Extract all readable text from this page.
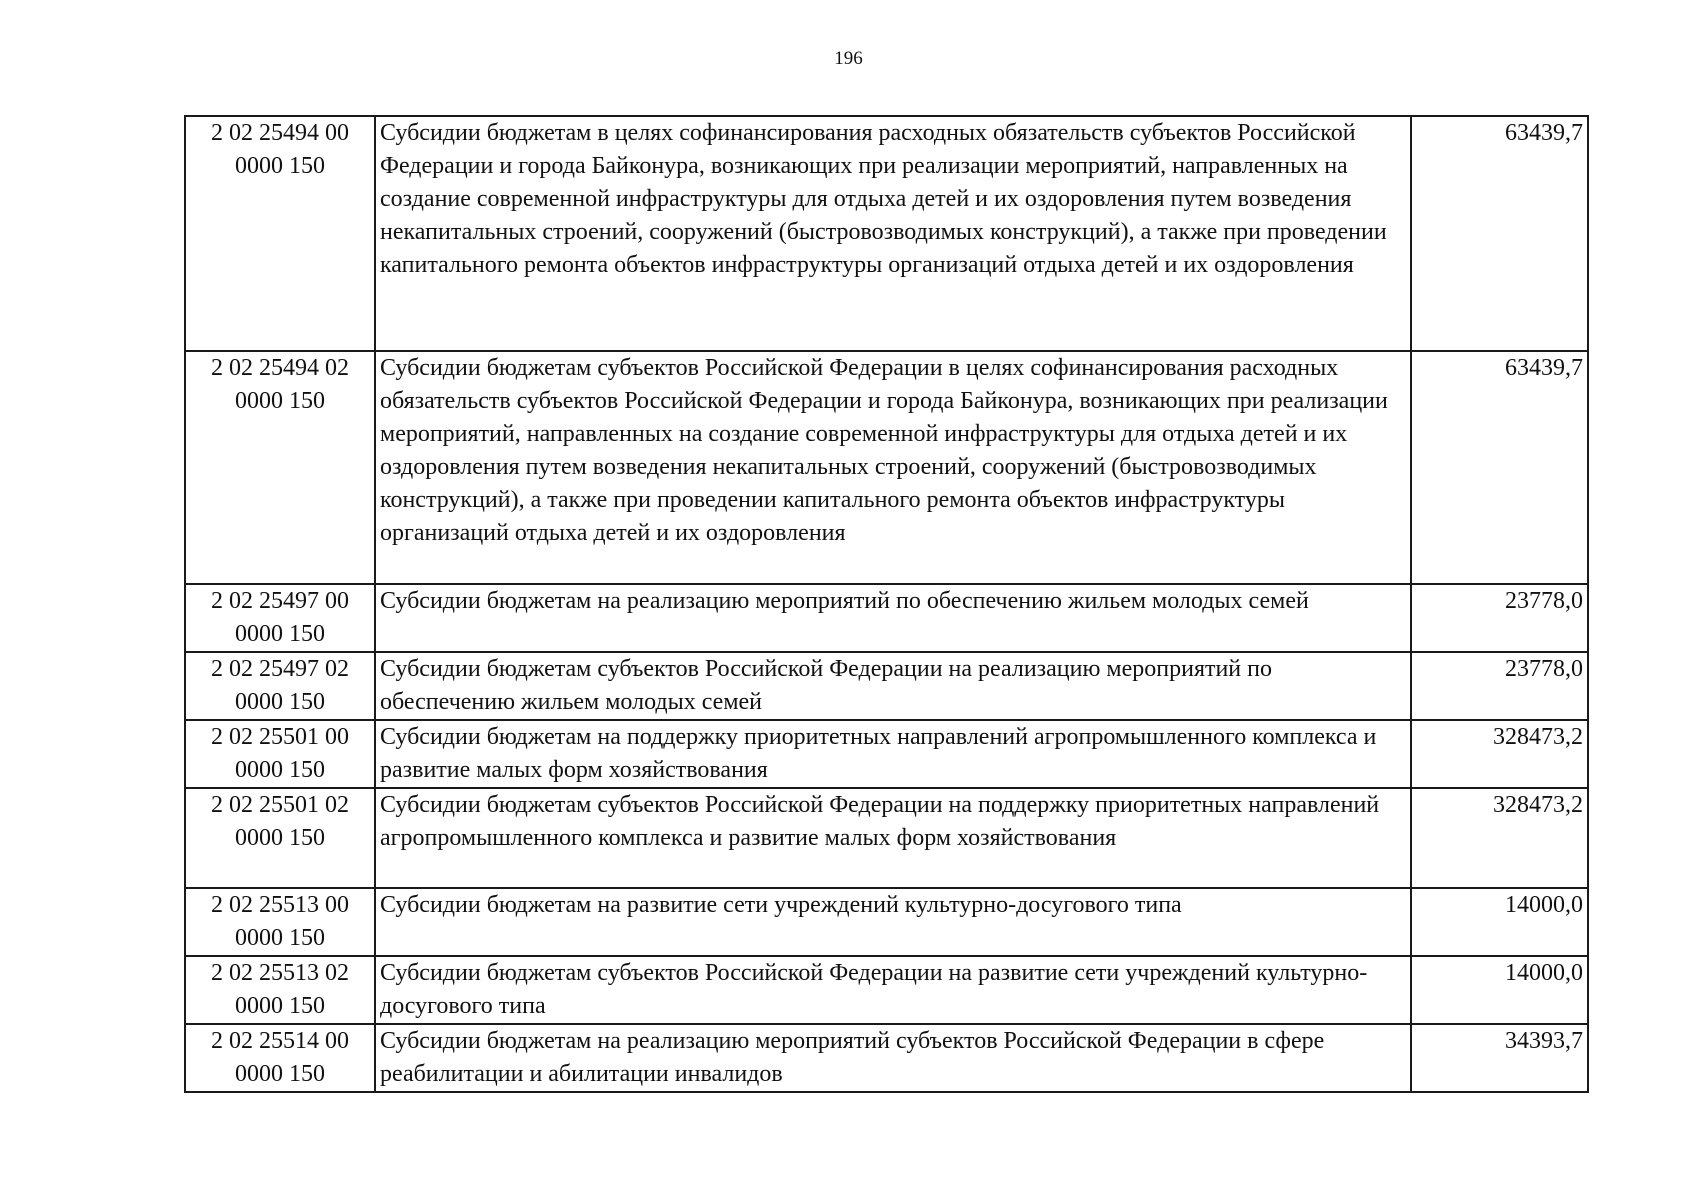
196
2 02 25494 00
0000 150	Субсидии бюджетам в целях софинансирования расходных обязательств субъектов Российской Федерации и города Байконура, возникающих при реализации мероприятий, направленных на создание современной инфраструктуры для отдыха детей и их оздоровления путем возведения некапитальных строений, сооружений (быстровозводимых конструкций), а также при проведении капитального ремонта объектов инфраструктуры организаций отдыха детей и их оздоровления	63439,7

2 02 25494 02
0000 150	Субсидии бюджетам субъектов Российской Федерации в целях софинансирования расходных обязательств субъектов Российской Федерации и города Байконура, возникающих при реализации мероприятий, направленных на создание современной инфраструктуры для отдыха детей и их оздоровления путем возведения некапитальных строений, сооружений (быстровозводимых конструкций), а также при проведении капитального ремонта объектов инфраструктуры организаций отдыха детей и их оздоровления	63439,7

2 02 25497 00
0000 150	Субсидии бюджетам на реализацию мероприятий по обеспечению жильем молодых семей	23778,0

2 02 25497 02
0000 150	Субсидии бюджетам субъектов Российской Федерации на реализацию мероприятий по обеспечению жильем молодых семей	23778,0

2 02 25501 00
0000 150	Субсидии бюджетам на поддержку приоритетных направлений агропромышленного комплекса и развитие малых форм хозяйствования	328473,2

2 02 25501 02
0000 150	Субсидии бюджетам субъектов Российской Федерации на поддержку приоритетных направлений агропромышленного комплекса и развитие малых форм хозяйствования	328473,2

2 02 25513 00
0000 150	Субсидии бюджетам на развитие сети учреждений культурно-досугового типа	14000,0

2 02 25513 02
0000 150	Субсидии бюджетам субъектов Российской Федерации на развитие сети учреждений культурно-досугового типа	14000,0

2 02 25514 00
0000 150	Субсидии бюджетам на реализацию мероприятий субъектов Российской Федерации в сфере реабилитации и абилитации инвалидов	34393,7
